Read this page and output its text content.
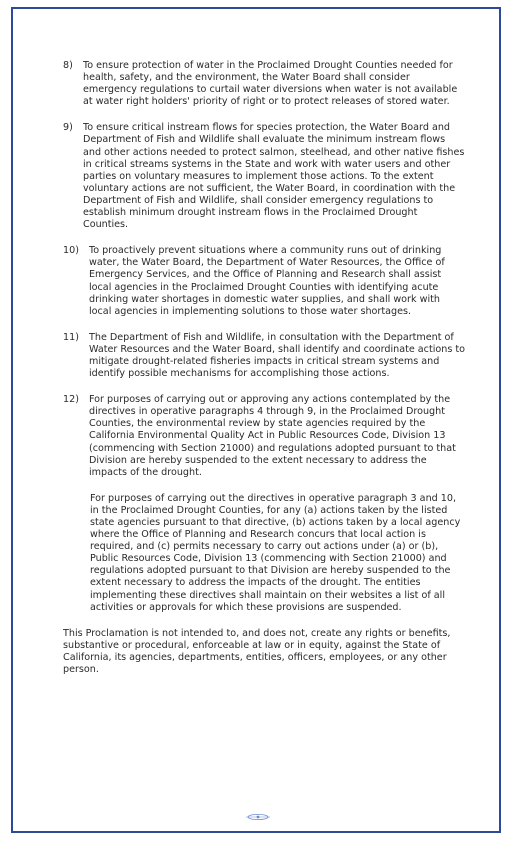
8)	To ensure protection of water in the Proclaimed Drought Counties needed for health, safety, and the environment, the Water Board shall consider emergency regulations to curtail water diversions when water is not available at water right holders' priority of right or to protect releases of stored water.
9)	To ensure critical instream flows for species protection, the Water Board and Department of Fish and Wildlife shall evaluate the minimum instream flows and other actions needed to protect salmon, steelhead, and other native fishes in critical streams systems in the State and work with water users and other parties on voluntary measures to implement those actions. To the extent voluntary actions are not sufficient, the Water Board, in coordination with the Department of Fish and Wildlife, shall consider emergency regulations to establish minimum drought instream flows in the Proclaimed Drought Counties.
10) To proactively prevent situations where a community runs out of drinking water, the Water Board, the Department of Water Resources, the Office of Emergency Services, and the Office of Planning and Research shall assist local agencies in the Proclaimed Drought Counties with identifying acute drinking water shortages in domestic water supplies, and shall work with local agencies in implementing solutions to those water shortages.
11) The Department of Fish and Wildlife, in consultation with the Department of Water Resources and the Water Board, shall identify and coordinate actions to mitigate drought-related fisheries impacts in critical stream systems and identify possible mechanisms for accomplishing those actions.
12) For purposes of carrying out or approving any actions contemplated by the directives in operative paragraphs 4 through 9, in the Proclaimed Drought Counties, the environmental review by state agencies required by the California Environmental Quality Act in Public Resources Code, Division 13 (commencing with Section 21000) and regulations adopted pursuant to that Division are hereby suspended to the extent necessary to address the impacts of the drought.
For purposes of carrying out the directives in operative paragraph 3 and 10, in the Proclaimed Drought Counties, for any (a) actions taken by the listed state agencies pursuant to that directive, (b) actions taken by a local agency where the Office of Planning and Research concurs that local action is required, and (c) permits necessary to carry out actions under (a) or (b), Public Resources Code, Division 13 (commencing with Section 21000) and regulations adopted pursuant to that Division are hereby suspended to the extent necessary to address the impacts of the drought. The entities implementing these directives shall maintain on their websites a list of all activities or approvals for which these provisions are suspended.
This Proclamation is not intended to, and does not, create any rights or benefits, substantive or procedural, enforceable at law or in equity, against the State of California, its agencies, departments, entities, officers, employees, or any other person.
